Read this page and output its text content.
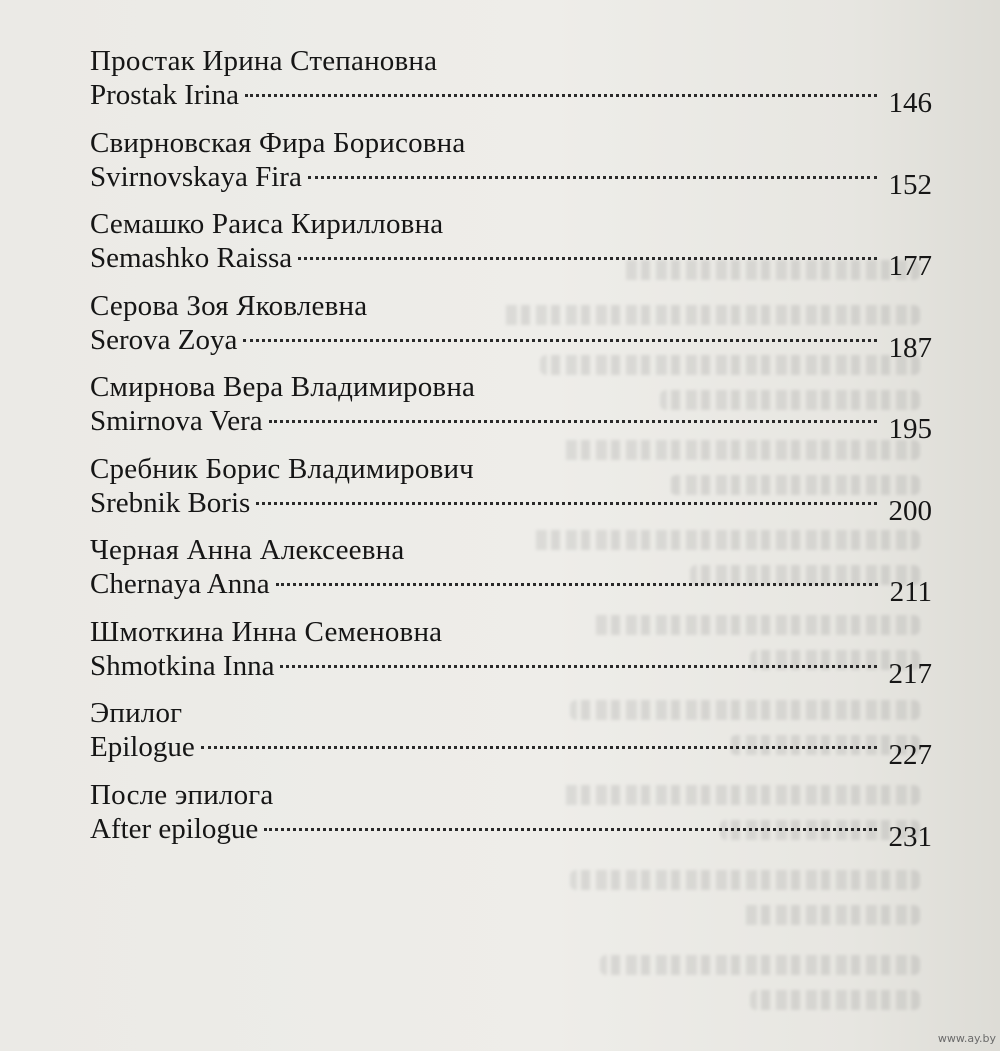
Простак Ирина Степановна
Prostak Irina	146
Свирновская Фира Борисовна
Svirnovskaya Fira	152
Семашко Раиса Кирилловна
Semashko Raissa	177
Серова Зоя Яковлевна
Serova Zoya	187
Смирнова Вера Владимировна
Smirnova Vera	195
Сребник Борис Владимирович
Srebnik Boris	200
Черная Анна Алексеевна
Chernaya Anna	211
Шмоткина Инна Семеновна
Shmotkina Inna	217
Эпилог
Epilogue	227
После эпилога
After epilogue	231
www.ay.by
